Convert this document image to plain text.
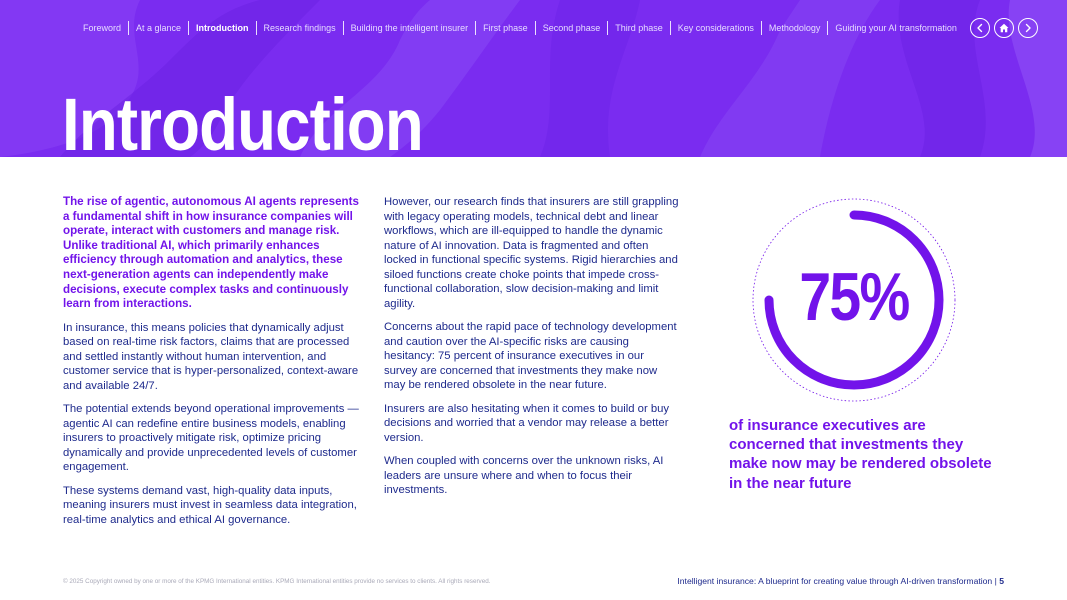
Foreword	At a glance	Introduction	Research findings	Building the intelligent insurer	First phase	Second phase	Third phase	Key considerations	Methodology	Guiding your AI transformation
Introduction

The rise of agentic, autonomous AI agents represents a fundamental shift in how insurance companies will operate, interact with customers and manage risk. Unlike traditional AI, which primarily enhances efficiency through automation and analytics, these next-generation agents can independently make decisions, execute complex tasks and continuously learn from interactions.

In insurance, this means policies that dynamically adjust based on real-time risk factors, claims that are processed and settled instantly without human intervention, and customer service that is hyper-personalized, context-aware and available 24/7.

The potential extends beyond operational improvements — agentic AI can redefine entire business models, enabling insurers to proactively mitigate risk, optimize pricing dynamically and provide unprecedented levels of customer engagement.

These systems demand vast, high-quality data inputs, meaning insurers must invest in seamless data integration, real-time analytics and ethical AI governance.

However, our research finds that insurers are still grappling with legacy operating models, technical debt and linear workflows, which are ill-equipped to handle the dynamic nature of AI innovation. Data is fragmented and often locked in functional specific systems. Rigid hierarchies and siloed functions create choke points that impede cross-functional collaboration, slow decision-making and limit agility.

Concerns about the rapid pace of technology development and caution over the AI-specific risks are causing hesitancy: 75 percent of insurance executives in our survey are concerned that investments they make now may be rendered obsolete in the near future.

Insurers are also hesitating when it comes to build or buy decisions and worried that a vendor may release a better version.

When coupled with concerns over the unknown risks, AI leaders are unsure where and when to focus their investments.

75%
of insurance executives are concerned that investments they make now may be rendered obsolete in the near future
© 2025 Copyright owned by one or more of the KPMG International entities. KPMG International entities provide no services to clients. All rights reserved.	Intelligent insurance: A blueprint for creating value through AI-driven transformation | 5
